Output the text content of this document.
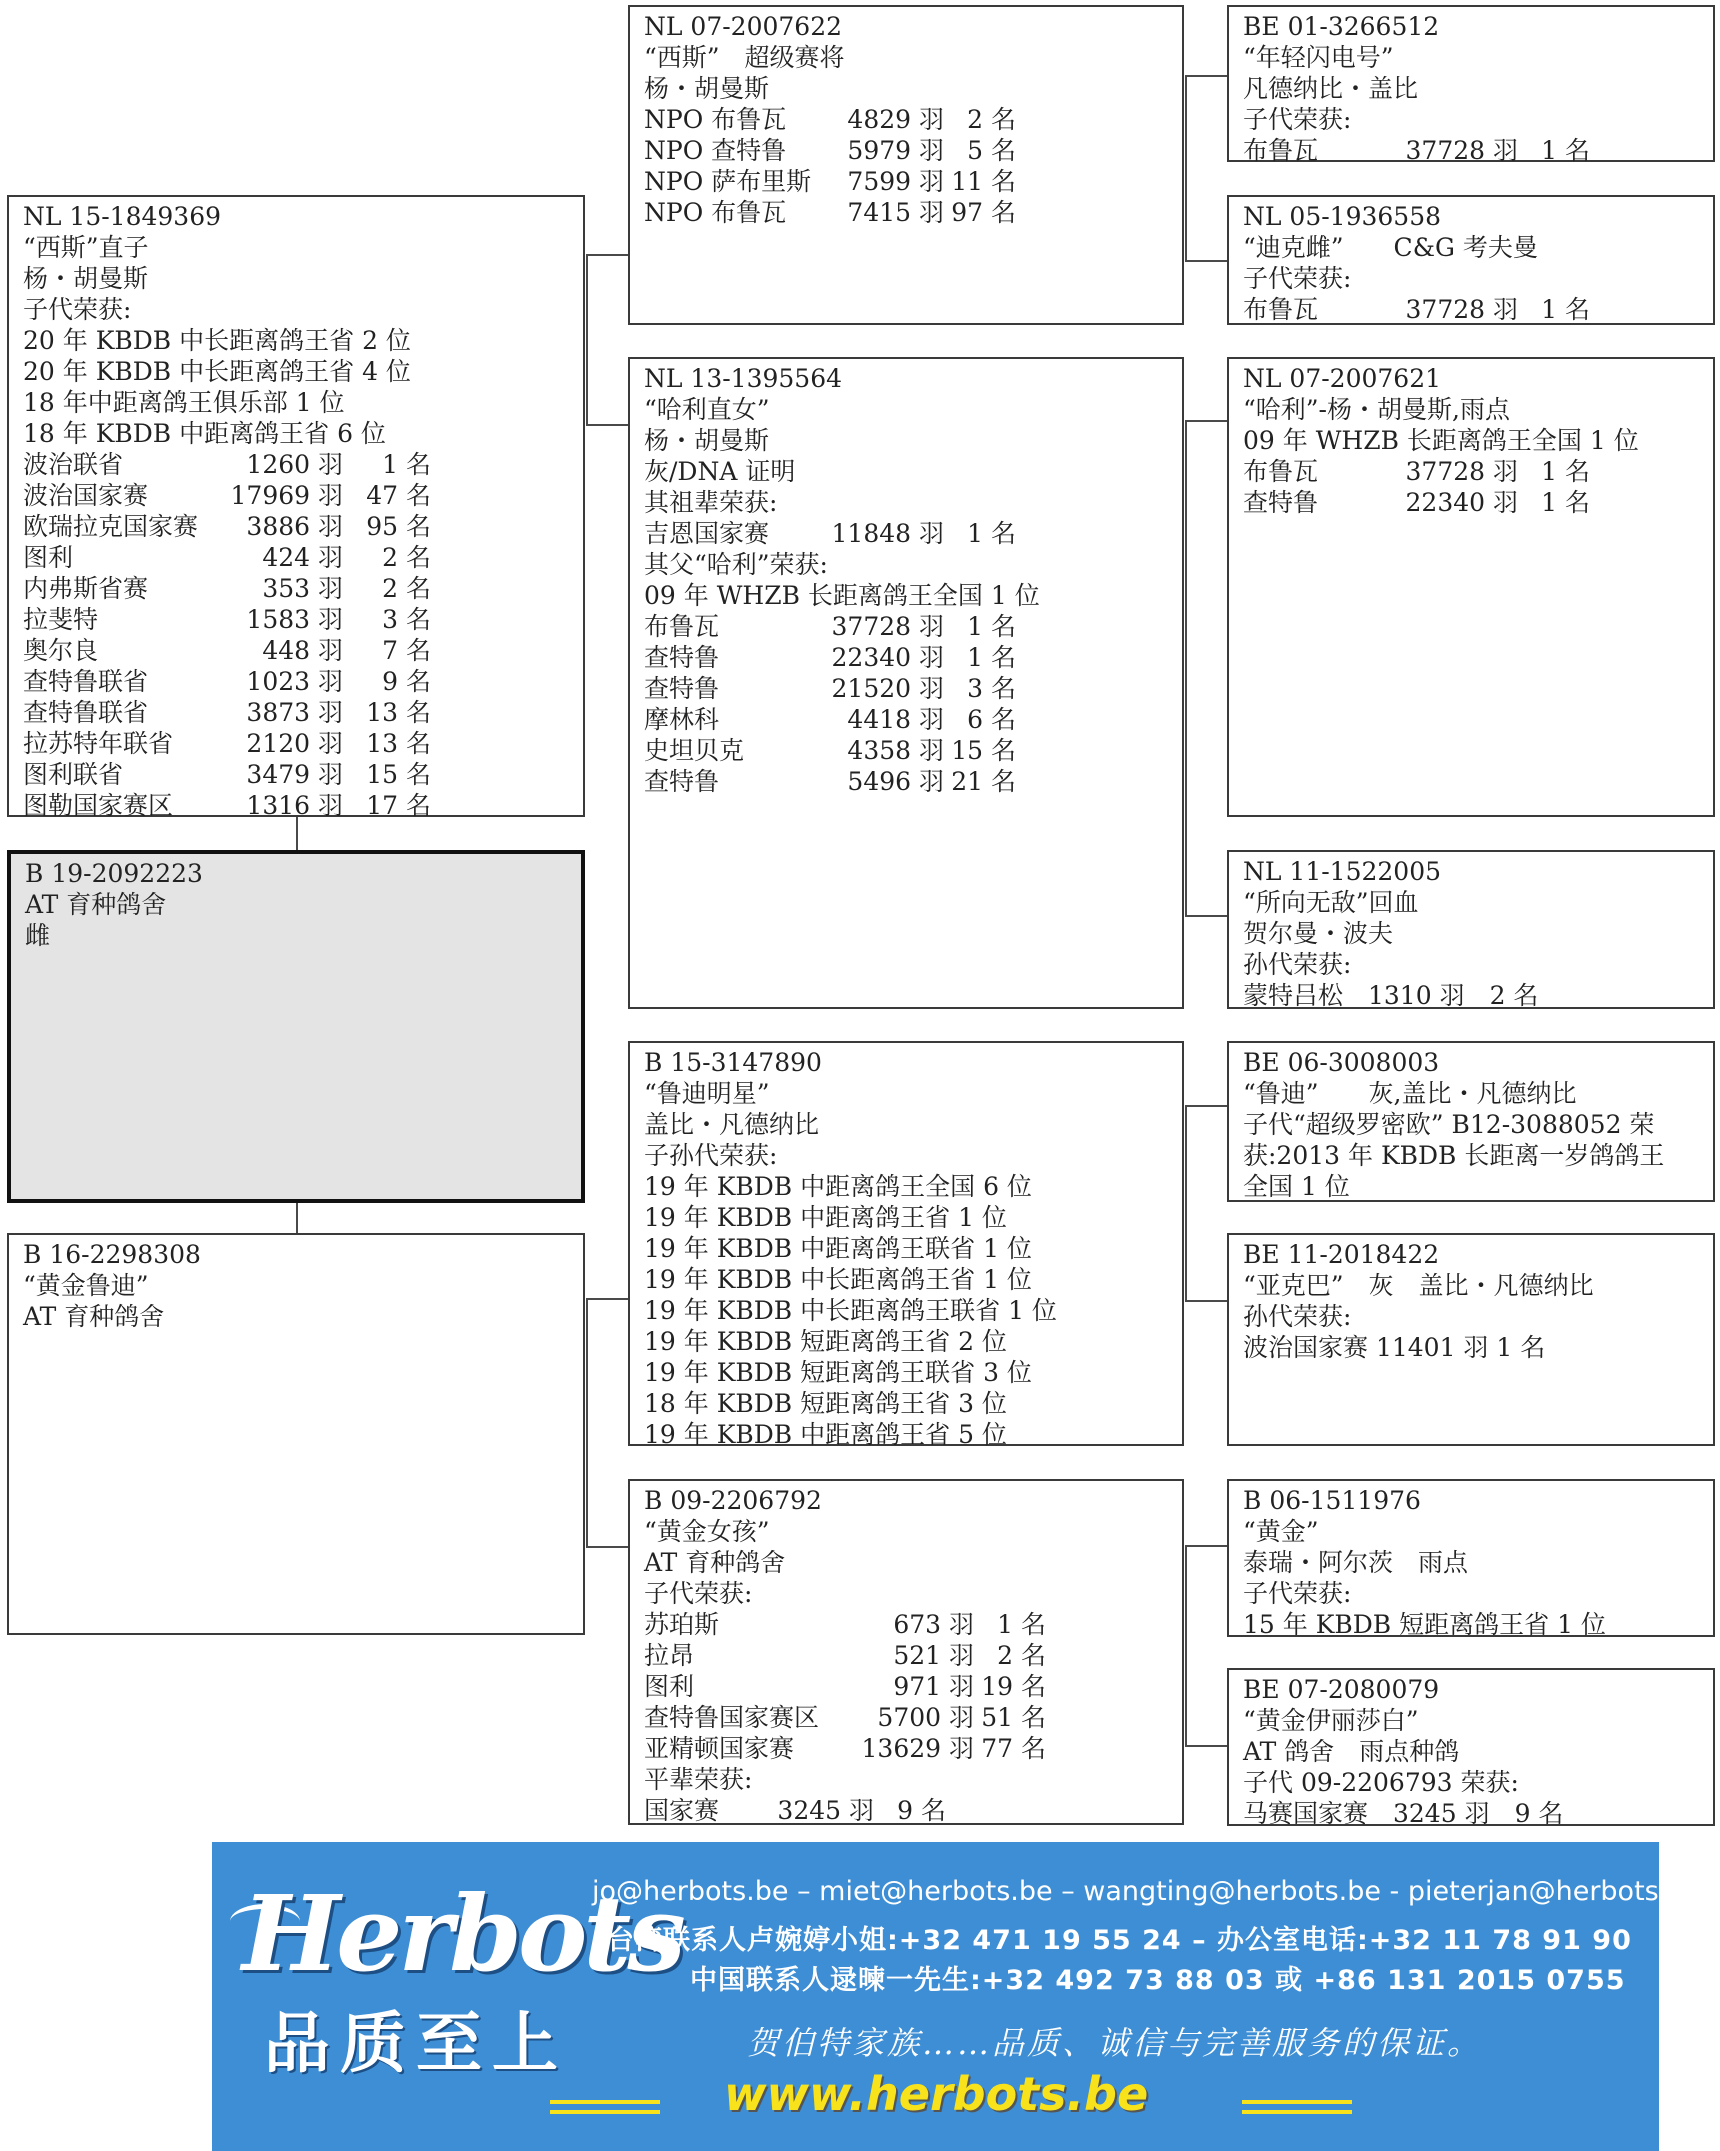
NL 15-1849369
“西斯”直子
杨・胡曼斯
子代荣获:
20 年 KBDB 中长距离鸽王省 2 位
20 年 KBDB 中长距离鸽王省 4 位
18 年中距离鸽王俱乐部 1 位
18 年 KBDB 中距离鸽王省 6 位
波治联省	1260 羽	1 名
波治国家赛	17969 羽 47 名
欧瑞拉克国家赛	3886 羽 95 名
图利	424 羽	2 名
内弗斯省赛	353 羽	2 名
拉斐特	1583 羽	3 名
奥尔良	448 羽	7 名
查特鲁联省	1023 羽	9 名
查特鲁联省	3873 羽 13 名
拉苏特年联省	2120 羽 13 名
图利联省	3479 羽 15 名
图勒国家赛区	1316 羽 17 名
B 19-2092223
AT 育种鸽舍
雌
B 16-2298308
“黄金鲁迪”
AT 育种鸽舍
NL 07-2007622
“西斯”　超级赛将
杨・胡曼斯
NPO 布鲁瓦	4829 羽 2 名
NPO 查特鲁	5979 羽 5 名
NPO 萨布里斯	7599 羽 11 名
NPO 布鲁瓦	7415 羽 97 名
NL 13-1395564
“哈利直女”
杨・胡曼斯
灰/DNA 证明
其祖辈荣获:
吉恩国家赛	11848 羽 1 名
其父“哈利”荣获:
09 年 WHZB 长距离鸽王全国 1 位
布鲁瓦	37728 羽 1 名
查特鲁	22340 羽 1 名
查特鲁	21520 羽 3 名
摩林科	4418 羽 6 名
史坦贝克	4358 羽 15 名
查特鲁	5496 羽 21 名
B 15-3147890
“鲁迪明星”
盖比・凡德纳比
子孙代荣获:
19 年 KBDB 中距离鸽王全国 6 位
19 年 KBDB 中距离鸽王省 1 位
19 年 KBDB 中距离鸽王联省 1 位
19 年 KBDB 中长距离鸽王省 1 位
19 年 KBDB 中长距离鸽王联省 1 位
19 年 KBDB 短距离鸽王省 2 位
19 年 KBDB 短距离鸽王联省 3 位
18 年 KBDB 短距离鸽王省 3 位
19 年 KBDB 中距离鸽王省 5 位
B 09-2206792
“黄金女孩”
AT 育种鸽舍
子代荣获:
苏珀斯	673 羽 1 名
拉昂	521 羽 2 名
图利	971 羽 19 名
查特鲁国家赛区	5700 羽 51 名
亚精顿国家赛	13629 羽 77 名
平辈荣获:
国家赛	3245 羽 9 名
BE 01-3266512
“年轻闪电号”
凡德纳比・盖比
子代荣获:
布鲁瓦	37728 羽 1 名
NL 05-1936558
“迪克雌”　　C&G 考夫曼
子代荣获:
布鲁瓦	37728 羽 1 名
NL 07-2007621
“哈利”-杨・胡曼斯,雨点
09 年 WHZB 长距离鸽王全国 1 位
布鲁瓦	37728 羽 1 名
查特鲁	22340 羽 1 名
NL 11-1522005
“所向无敌”回血
贺尔曼・波夫
孙代荣获:
蒙特吕松　1310 羽　2 名
BE 06-3008003
“鲁迪”　　灰,盖比・凡德纳比
子代“超级罗密欧” B12-3088052 荣
获:2013 年 KBDB 长距离一岁鸽鸽王
全国 1 位
BE 11-2018422
“亚克巴”　灰　盖比・凡德纳比
孙代荣获:
波治国家赛 11401 羽 1 名
B 06-1511976
“黄金”
泰瑞・阿尔茨　雨点
子代荣获:
15 年 KBDB 短距离鸽王省 1 位
BE 07-2080079
“黄金伊丽莎白”
AT 鸽舍　雨点种鸽
子代 09-2206793 荣获:
马赛国家赛　3245 羽　9 名
Herbots
品质至上
jo@herbots.be – miet@herbots.be – wangting@herbots.be - pieterjan@herbots.be
台湾联系人卢婉婷小姐:+32 471 19 55 24 – 办公室电话:+32 11 78 91 90
中国联系人逯暕一先生:+32 492 73 88 03 或 +86 131 2015 0755
贺伯特家族……品质、诚信与完善服务的保证。
www.herbots.be
